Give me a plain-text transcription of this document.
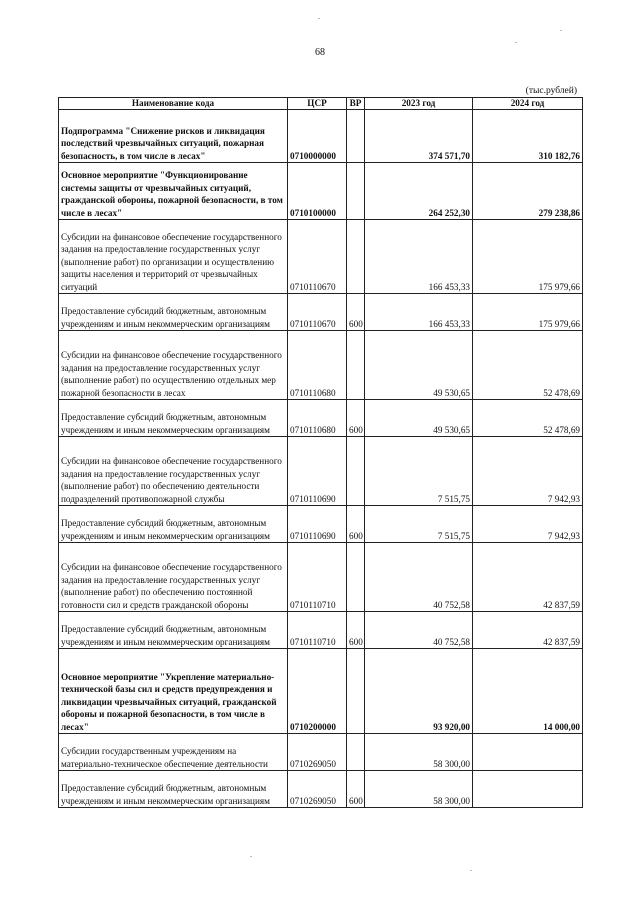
68
(тыс.рублей)
Наименование кода	ЦСР	ВР	2023 год	2024 год
Подпрограмма "Снижение рисков и ликвидация последствий чрезвычайных ситуаций, пожарная безопасность, в том числе в лесах"	0710000000		374 571,70	310 182,76
Основное мероприятие "Функционирование системы защиты от чрезвычайных ситуаций, гражданской обороны, пожарной безопасности, в том числе в лесах"	0710100000		264 252,30	279 238,86
Субсидии на финансовое обеспечение государственного задания на предоставление государственных услуг (выполнение работ) по организации и осуществлению защиты населения и территорий от чрезвычайных ситуаций	0710110670		166 453,33	175 979,66
Предоставление субсидий бюджетным, автономным учреждениям и иным некоммерческим организациям	0710110670	600	166 453,33	175 979,66
Субсидии на финансовое обеспечение государственного задания на предоставление государственных услуг (выполнение работ) по осуществлению отдельных мер пожарной безопасности в лесах	0710110680		49 530,65	52 478,69
Предоставление субсидий бюджетным, автономным учреждениям и иным некоммерческим организациям	0710110680	600	49 530,65	52 478,69
Субсидии на финансовое обеспечение государственного задания на предоставление государственных услуг (выполнение работ) по обеспечению деятельности подразделений противопожарной службы	0710110690		7 515,75	7 942,93
Предоставление субсидий бюджетным, автономным учреждениям и иным некоммерческим организациям	0710110690	600	7 515,75	7 942,93
Субсидии на финансовое обеспечение государственного задания на предоставление государственных услуг (выполнение работ) по обеспечению постоянной готовности сил и средств гражданской обороны	0710110710		40 752,58	42 837,59
Предоставление субсидий бюджетным, автономным учреждениям и иным некоммерческим организациям	0710110710	600	40 752,58	42 837,59
Основное мероприятие "Укрепление материально-технической базы сил и средств предупреждения и ликвидации чрезвычайных ситуаций, гражданской обороны и пожарной безопасности, в том числе в лесах"	0710200000		93 920,00	14 000,00
Субсидии государственным учреждениям на материально-техническое обеспечение деятельности	0710269050		58 300,00	
Предоставление субсидий бюджетным, автономным учреждениям и иным некоммерческим организациям	0710269050	600	58 300,00	
